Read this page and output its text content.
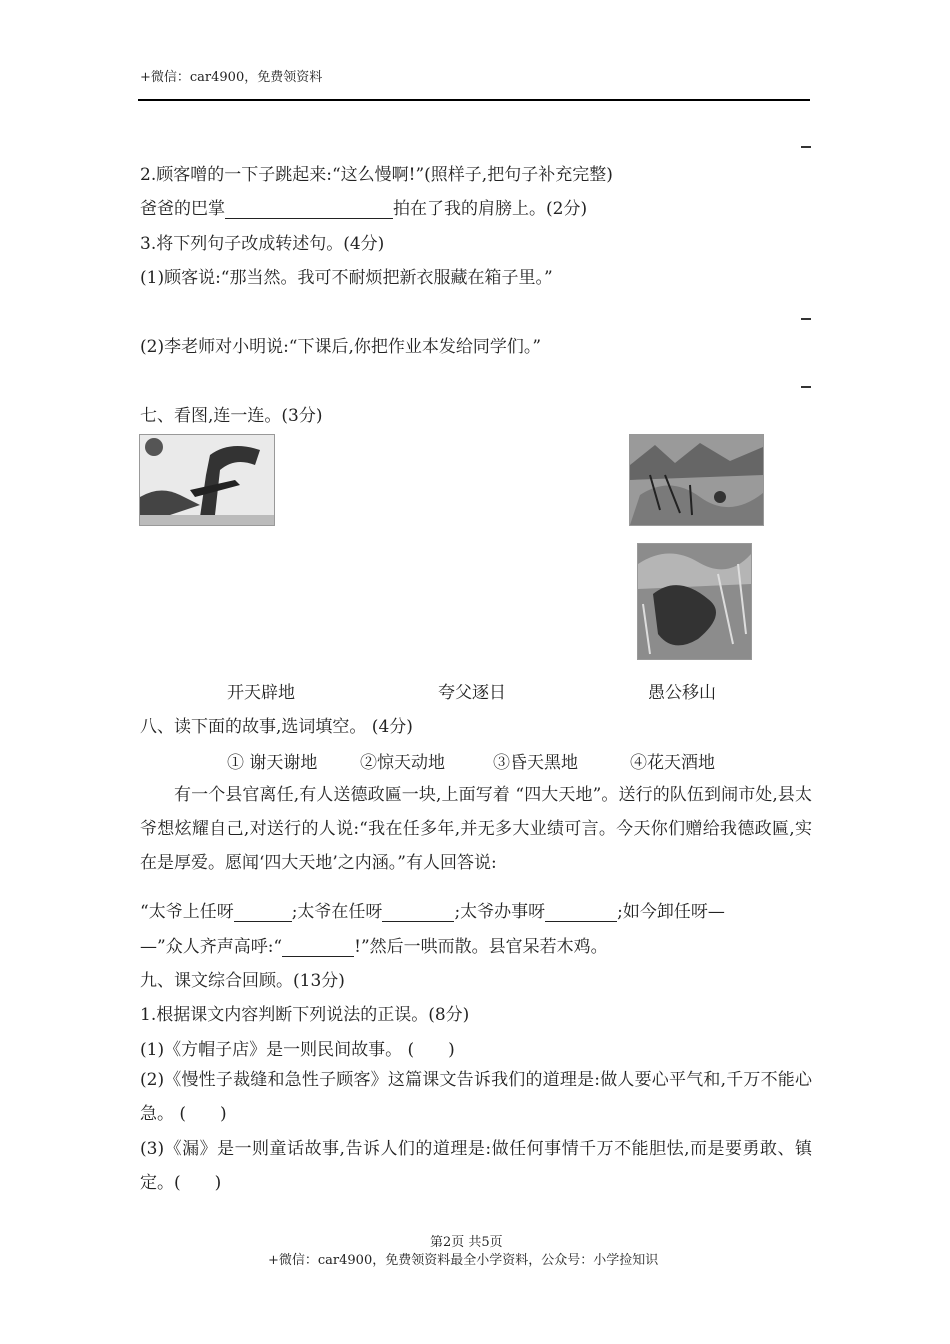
+微信：car4900，免费领资料
2.顾客噌的一下子跳起来:“这么慢啊!”(照样子,把句子补充完整)
爸爸的巴掌	拍在了我的肩膀上。(2分)
3.将下列句子改成转述句。(4分)
(1)顾客说:“那当然。我可不耐烦把新衣服藏在箱子里。”
(2)李老师对小明说:“下课后,你把作业本发给同学们。”
七、看图,连一连。(3分)
开天辟地	夸父逐日	愚公移山
八、读下面的故事,选词填空。 (4分)
① 谢天谢地	②惊天动地	③昏天黑地	④花天酒地
有一个县官离任,有人送德政匾一块,上面写着 “四大天地”。送行的队伍到闹市处,县太爷想炫耀自己,对送行的人说:“我在任多年,并无多大业绩可言。今天你们赠给我德政匾,实在是厚爱。愿闻‘四大天地’之内涵。”有人回答说:
“太爷上任呀	;太爷在任呀	;太爷办事呀	;如今卸任呀—
—”众人齐声高呼:“	!”然后一哄而散。县官呆若木鸡。
九、课文综合回顾。(13分)
1.根据课文内容判断下列说法的正误。(8分)
(1)《方帽子店》是一则民间故事。 (　　)
(2)《慢性子裁缝和急性子顾客》这篇课文告诉我们的道理是:做人要心平气和,千万不能心急。 (　　)
(3)《漏》是一则童话故事,告诉人们的道理是:做任何事情千万不能胆怯,而是要勇敢、镇定。(　　)
第2页 共5页
+微信：car4900，免费领资料最全小学资料，公众号：小学捡知识
